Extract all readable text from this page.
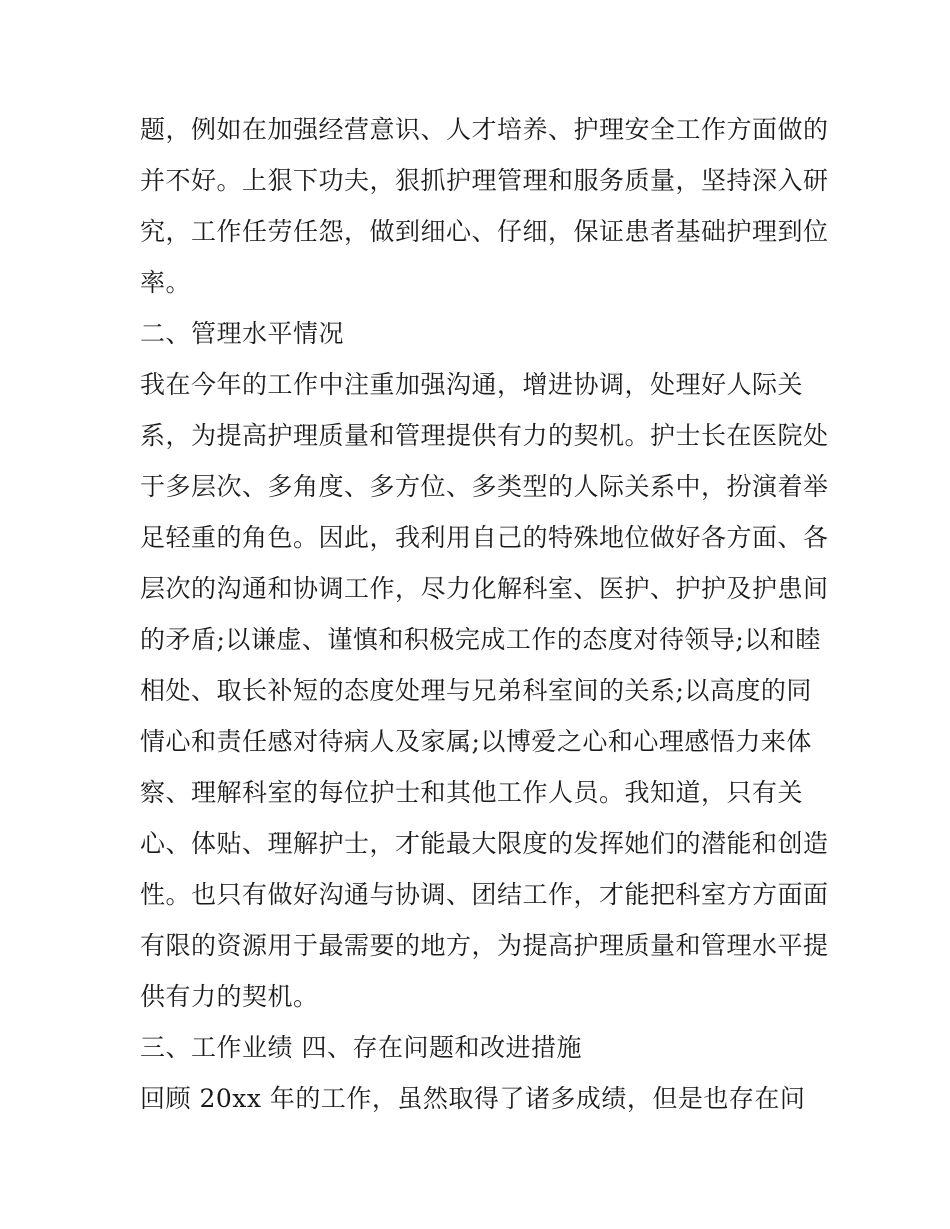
题，例如在加强经营意识、人才培养、护理安全工作方面做的
并不好。上狠下功夫，狠抓护理管理和服务质量，坚持深入研
究，工作任劳任怨，做到细心、仔细，保证患者基础护理到位
率。
二、管理水平情况
我在今年的工作中注重加强沟通，增进协调，处理好人际关
系，为提高护理质量和管理提供有力的契机。护士长在医院处
于多层次、多角度、多方位、多类型的人际关系中，扮演着举
足轻重的角色。因此，我利用自己的特殊地位做好各方面、各
层次的沟通和协调工作，尽力化解科室、医护、护护及护患间
的矛盾;以谦虚、谨慎和积极完成工作的态度对待领导;以和睦
相处、取长补短的态度处理与兄弟科室间的关系;以高度的同
情心和责任感对待病人及家属;以博爱之心和心理感悟力来体
察、理解科室的每位护士和其他工作人员。我知道，只有关
心、体贴、理解护士，才能最大限度的发挥她们的潜能和创造
性。也只有做好沟通与协调、团结工作，才能把科室方方面面
有限的资源用于最需要的地方，为提高护理质量和管理水平提
供有力的契机。
三、工作业绩 四、存在问题和改进措施
回顾 20xx 年的工作，虽然取得了诸多成绩，但是也存在问
